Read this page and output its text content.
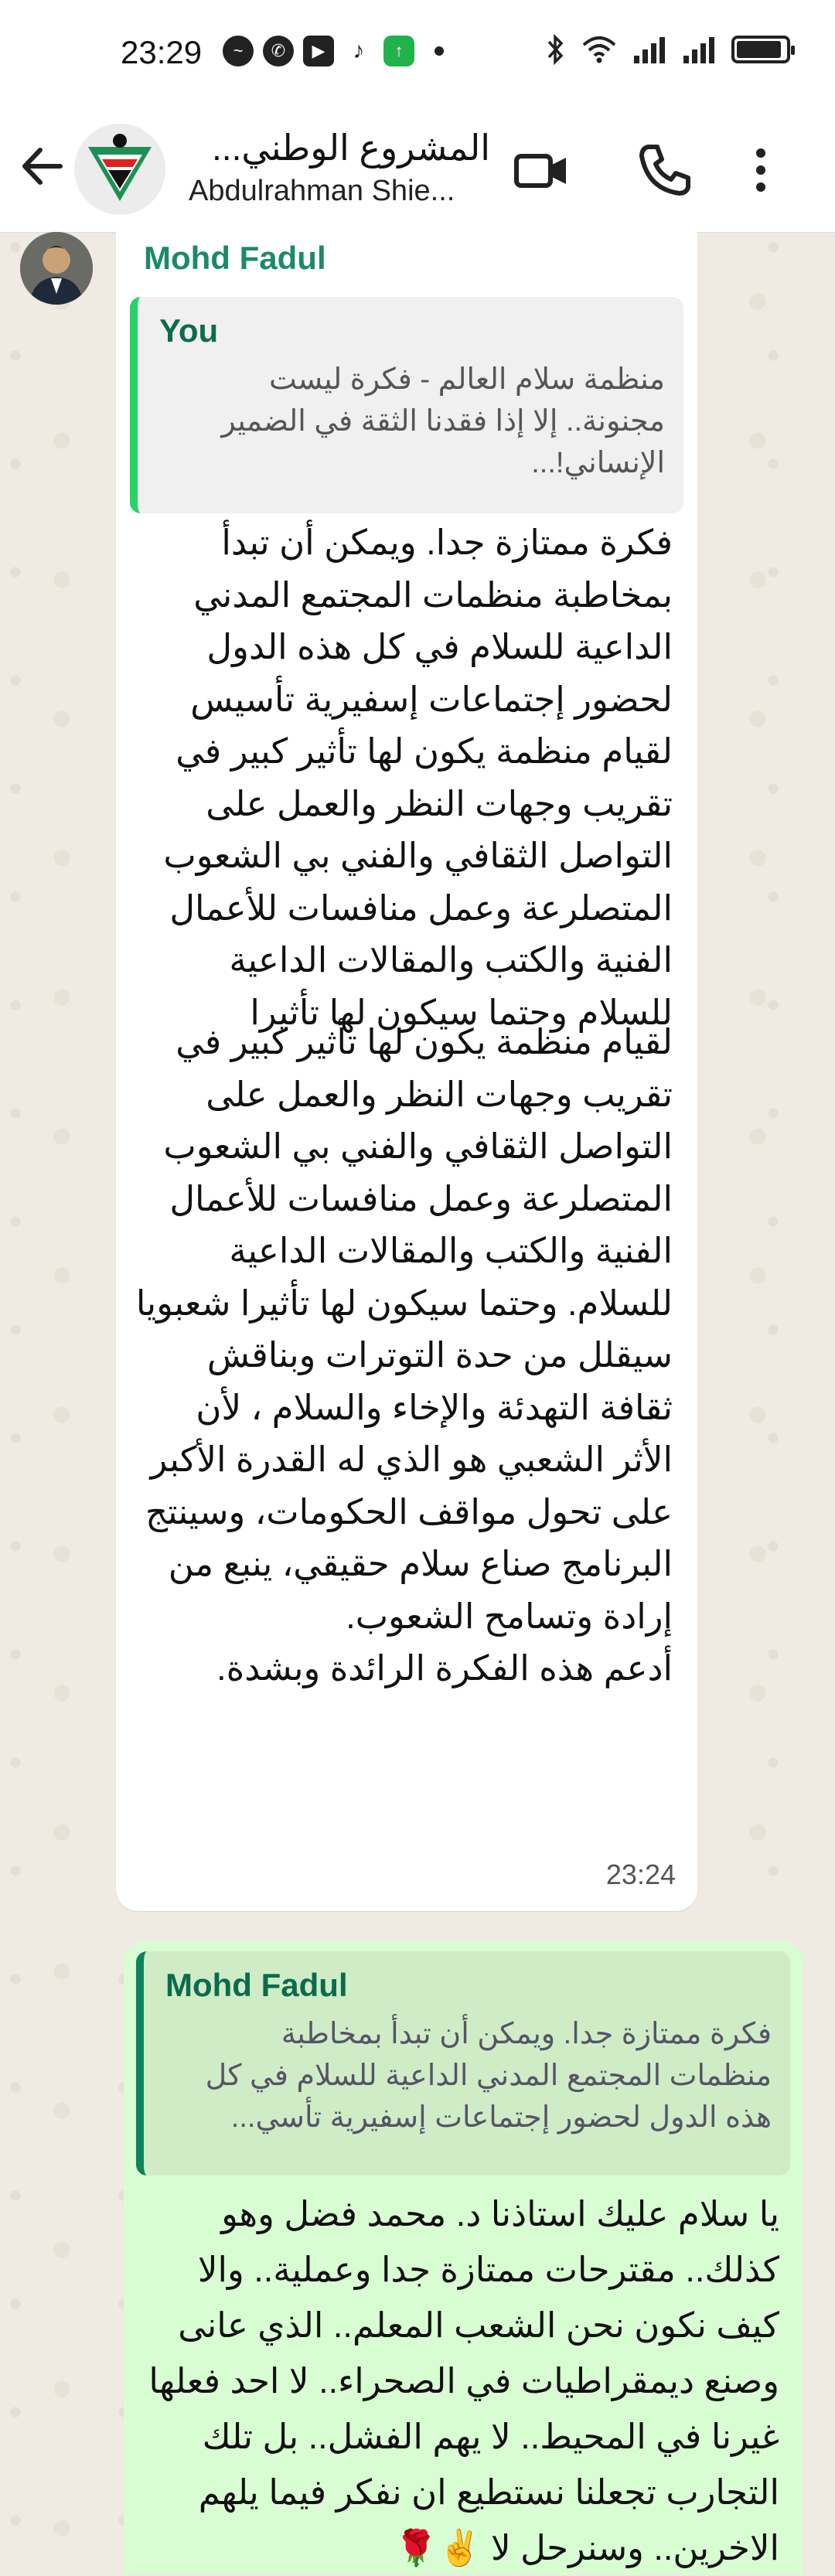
23:29	~	✆	▶	♪	↑
المشروع الوطني...
Abdulrahman Shie...
Mohd Fadul
You
منظمة سلام العالم - فكرة ليست مجنونة.. إلا إذا فقدنا الثقة في الضمير الإنساني!...

فكرة ممتازة جدا. ويمكن أن تبدأ بمخاطبة منظمات المجتمع المدني الداعية للسلام في كل هذه الدول لحضور إجتماعات إسفيرية تأسيس لقيام منظمة يكون لها تأثير كبير في تقريب وجهات النظر والعمل على التواصل الثقافي والفني بي الشعوب المتصلرعة وعمل منافسات للأعمال الفنية والكتب والمقالات الداعية للسلام وحتما سيكون لها تأثيرا

لقيام منظمة يكون لها تأثير كبير في تقريب وجهات النظر والعمل على التواصل الثقافي والفني بي الشعوب المتصلرعة وعمل منافسات للأعمال الفنية والكتب والمقالات الداعية للسلام. وحتما سيكون لها تأثيرا شعبويا سيقلل من حدة التوترات وبناقش ثقافة التهدئة والإخاء والسلام ، لأن الأثر الشعبي هو الذي له القدرة الأكبر على تحول مواقف الحكومات، وسينتج البرنامج صناع سلام حقيقي، ينبع من إرادة وتسامح الشعوب.
أدعم هذه الفكرة الرائدة وبشدة.

23:24
Mohd Fadul
فكرة ممتازة جدا. ويمكن أن تبدأ بمخاطبة منظمات المجتمع المدني الداعية للسلام في كل هذه الدول لحضور إجتماعات إسفيرية تأسي...

يا سلام عليك استاذنا د. محمد فضل وهو كذلك.. مقترحات ممتازة جدا وعملية.. والا كيف نكون نحن الشعب المعلم.. الذي عانى وصنع ديمقراطيات في الصحراء.. لا احد فعلها غيرنا في المحيط.. لا يهم الفشل.. بل تلك التجارب تجعلنا نستطيع ان نفكر فيما يلهم الاخرين.. وسنرحل لا ✌️🌹
